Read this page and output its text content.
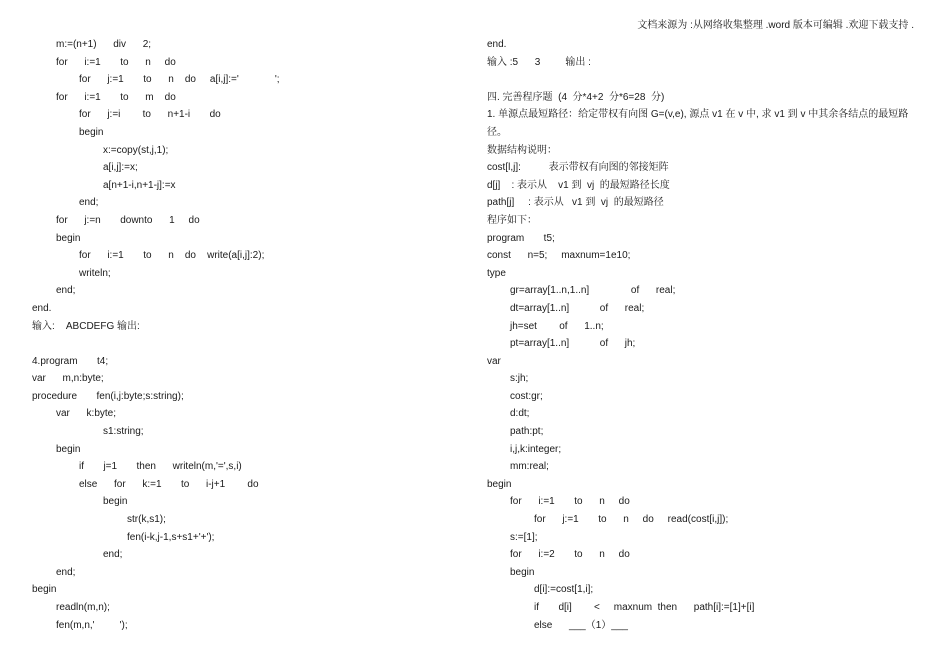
文档来源为 :从网络收集整理 .word 版本可编辑 .欢迎下载支持 .
m:=(n+1)      div      2;
for      i:=1       to      n     do
for      j:=1       to      n    do     a[i,j]:='             ';
for      i:=1       to      m    do
for      j:=i        to      n+1-i       do
begin
x:=copy(st,j,1);
a[i,j]:=x;
a[n+1-i,n+1-j]:=x
end;
for      j:=n       downto      1     do
begin
for      i:=1       to      n    do    write(a[i,j]:2);
writeln;
end;
end.
输入:    ABCDEFG 输出:
4.program       t4;
var      m,n:byte;
procedure       fen(i,j:byte;s:string);
var      k:byte;
s1:string;
begin
if       j=1       then      writeln(m,'=',s,i)
else      for      k:=1       to      i-j+1        do
begin
str(k,s1);
fen(i-k,j-1,s+s1+'+');
end;
end;
begin
readln(m,n);
fen(m,n,'         ');
end.
输入 :5      3         输出 :
四. 完善程序题  (4  分*4+2  分*6=28  分)
1. 单源点最短路径：给定带权有向图 G=(v,e), 源点 v1 在 v 中, 求 v1 到 v 中其余各结点的最短路径。
数据结构说明：
cost[l,j]:          表示带权有向图的邻接矩阵
d[j]    : 表示从    v1 到  vj  的最短路径长度
path[j]     : 表示从   v1 到  vj  的最短路径
程序如下：
program       t5;
const      n=5;     maxnum=1e10;
type
gr=array[1..n,1..n]               of      real;
dt=array[1..n]           of      real;
jh=set        of      1..n;
pt=array[1..n]           of      jh;
var
s:jh;
cost:gr;
d:dt;
path:pt;
i,j,k:integer;
mm:real;
begin
for      i:=1       to      n     do
for      j:=1       to      n     do     read(cost[i,j]);
s:=[1];
for      i:=2       to      n     do
begin
d[i]:=cost[1,i];
if       d[i]        <     maxnum  then      path[i]:=[1]+[i]
else      ___（1）___
